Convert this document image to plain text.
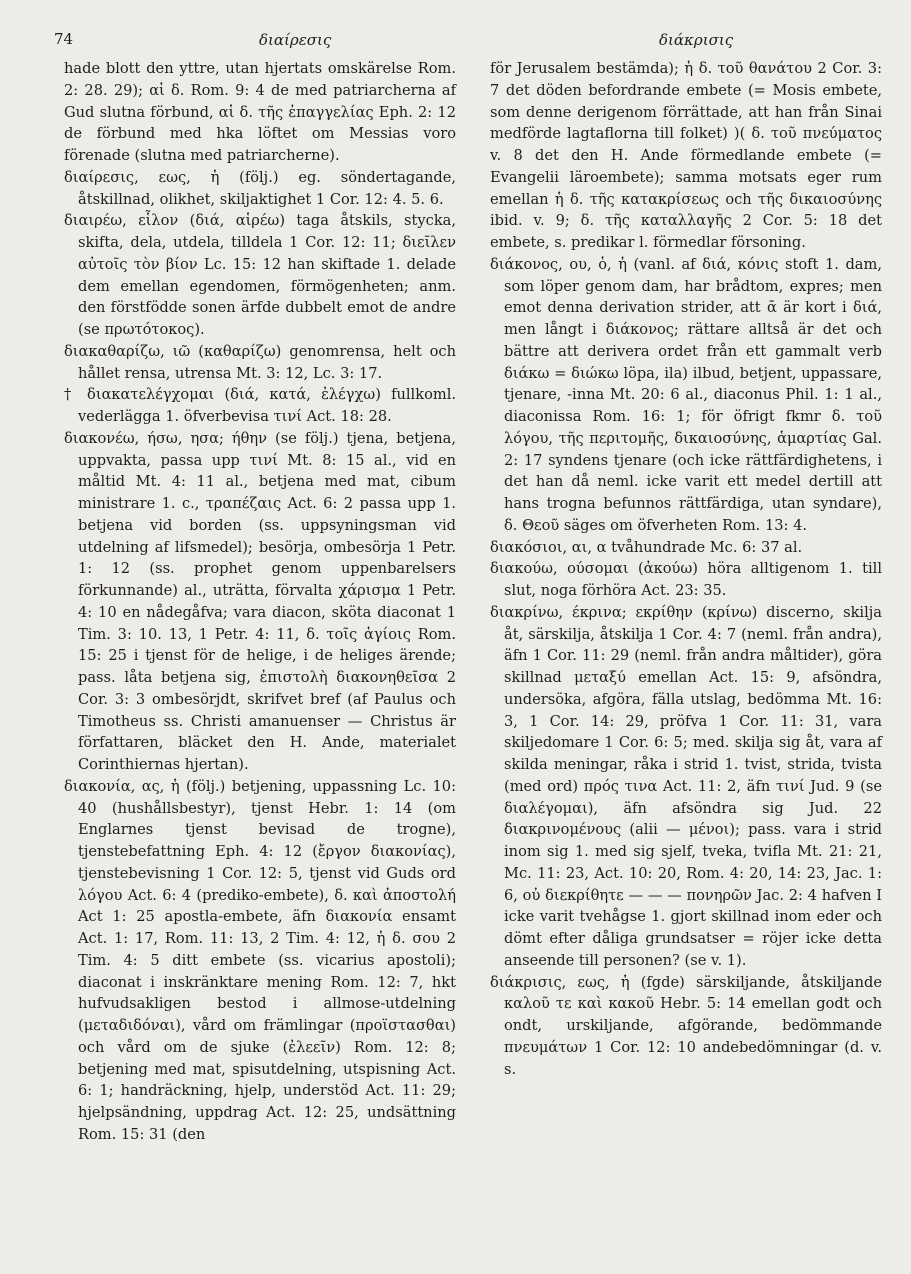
74	διαίρεσις	διάκρισις

hade blott den yttre, utan hjertats omskärelse Rom. 2: 28. 29); αἱ δ. Rom. 9: 4 de med patriarcherna af Gud slutna förbund, αἱ δ. τῆς ἐπαγγελίας Eph. 2: 12 de förbund med hka löftet om Messias voro förenade (slutna med patriarcherne).

διαίρεσις, εως, ἡ (följ.) eg. söndertagande, åtskillnad, olikhet, skiljaktighet 1 Cor. 12: 4. 5. 6.

διαιρέω, εἷλον (διά, αἱρέω) taga åtskils, stycka, skifta, dela, utdela, tilldela 1 Cor. 12: 11; διεῖλεν αὐτοῖς τὸν βίον Lc. 15: 12 han skiftade 1. delade dem emellan egendomen, förmögenheten; anm. den förstfödde sonen ärfde dubbelt emot de andre (se πρωτότοκος).

διακαθαρίζω, ιῶ (καθαρίζω) genomrensa, helt och hållet rensa, utrensa Mt. 3: 12, Lc. 3: 17.

† διακατελέγχομαι (διά, κατά, ἐλέγχω) fullkoml. vederlägga 1. öfverbevisa τινί Act. 18: 28.

διακονέω, ήσω, ησα; ήθην (se följ.) tjena, betjena, uppvakta, passa upp τινί Mt. 8: 15 al., vid en måltid Mt. 4: 11 al., betjena med mat, cibum ministrare 1. c., τραπέζαις Act. 6: 2 passa upp 1. betjena vid borden (ss. uppsyningsman vid utdelning af lifsmedel); besörja, ombesörja 1 Petr. 1: 12 (ss. prophet genom uppenbarelsers förkunnande) al., uträtta, förvalta χάρισμα 1 Petr. 4: 10 en nådegåfva; vara diacon, sköta diaconat 1 Tim. 3: 10. 13, 1 Petr. 4: 11, δ. τοῖς ἁγίοις Rom. 15: 25 i tjenst för de helige, i de heliges ärende; pass. låta betjena sig, ἐπιστολὴ διακονηθεῖσα 2 Cor. 3: 3 ombesörjdt, skrifvet bref (af Paulus och Timotheus ss. Christi amanuenser — Christus är författaren, bläcket den H. Ande, materialet Corinthiernas hjertan).

διακονία, ας, ἡ (följ.) betjening, uppassning Lc. 10: 40 (hushållsbestyr), tjenst Hebr. 1: 14 (om Englarnes tjenst bevisad de trogne), tjenstebefattning Eph. 4: 12 (ἔργον διακονίας), tjenstebevisning 1 Cor. 12: 5, tjenst vid Guds ord λόγου Act. 6: 4 (prediko-embete), δ. καὶ ἀποστολή Act 1: 25 apostla-embete, äfn διακονία ensamt Act. 1: 17, Rom. 11: 13, 2 Tim. 4: 12, ἡ δ. σου 2 Tim. 4: 5 ditt embete (ss. vicarius apostoli); diaconat i inskränktare mening Rom. 12: 7, hkt hufvudsakligen bestod i allmose-utdelning (μεταδιδόναι), vård om främlingar (προϊστασθαι) och vård om de sjuke (ἐλεεῖν) Rom. 12: 8; betjening med mat, spisutdelning, utspisning Act. 6: 1; handräckning, hjelp, understöd Act. 11: 29; hjelpsändning, uppdrag Act. 12: 25, undsättning Rom. 15: 31 (den

för Jerusalem bestämda); ἡ δ. τοῦ θανάτου 2 Cor. 3: 7 det döden befordrande embete (= Mosis embete, som denne derigenom förrättade, att han från Sinai medförde lagtaflorna till folket) )( δ. τοῦ πνεύματος v. 8 det den H. Ande förmedlande embete (= Evangelii läroembete); samma motsats eger rum emellan ἡ δ. τῆς κατακρίσεως och τῆς δικαιοσύνης ibid. v. 9; δ. τῆς καταλλαγῆς 2 Cor. 5: 18 det embete, s. predikar l. förmedlar försoning.

διάκονος, ου, ὁ, ἡ (vanl. af διά, κόνις stoft 1. dam, som löper genom dam, har brådtom, expres; men emot denna derivation strider, att ᾱ är kort i διά, men långt i διάκονος; rättare alltså är det och bättre att derivera ordet från ett gammalt verb διάκω = διώκω löpa, ila) ilbud, betjent, uppassare, tjenare, -inna Mt. 20: 6 al., diaconus Phil. 1: 1 al., diaconissa Rom. 16: 1; för öfrigt fkmr δ. τοῦ λόγου, τῆς περιτομῆς, δικαιοσύνης, ἁμαρτίας Gal. 2: 17 syndens tjenare (och icke rättfärdighetens, i det han då neml. icke varit ett medel dertill att hans trogna befunnos rättfärdiga, utan syndare), δ. Θεοῦ säges om öfverheten Rom. 13: 4.

διακόσιοι, αι, α tvåhundrade Mc. 6: 37 al.

διακούω, ούσομαι (ἀκούω) höra alltigenom 1. till slut, noga förhöra Act. 23: 35.

διακρίνω, έκρινα; εκρίθην (κρίνω) discerno, skilja åt, särskilja, åtskilja 1 Cor. 4: 7 (neml. från andra), äfn 1 Cor. 11: 29 (neml. från andra måltider), göra skillnad μεταξύ emellan Act. 15: 9, afsöndra, undersöka, afgöra, fälla utslag, bedömma Mt. 16: 3, 1 Cor. 14: 29, pröfva 1 Cor. 11: 31, vara skiljedomare 1 Cor. 6: 5; med. skilja sig åt, vara af skilda meningar, råka i strid 1. tvist, strida, tvista (med ord) πρός τινα Act. 11: 2, äfn τινί Jud. 9 (se διαλέγομαι), äfn afsöndra sig Jud. 22 διακρινομένους (alii — μένοι); pass. vara i strid inom sig 1. med sig sjelf, tveka, tvifla Mt. 21: 21, Mc. 11: 23, Act. 10: 20, Rom. 4: 20, 14: 23, Jac. 1: 6, οὐ διεκρίθητε — — — πονηρῶν Jac. 2: 4 hafven I icke varit tvehågse 1. gjort skillnad inom eder och dömt efter dåliga grundsatser = röjer icke detta anseende till personen? (se v. 1).

διάκρισις, εως, ἡ (fgde) särskiljande, åtskiljande καλοῦ τε καὶ κακοῦ Hebr. 5: 14 emellan godt och ondt, urskiljande, afgörande, bedömmande πνευμάτων 1 Cor. 12: 10 andebedömningar (d. v. s.
